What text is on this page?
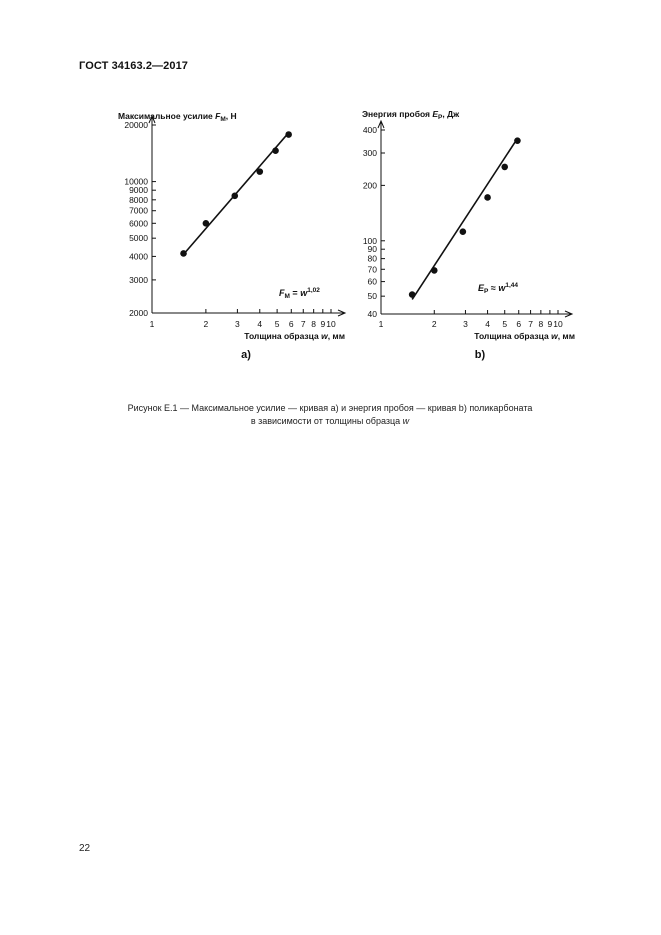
ГОСТ 34163.2—2017
Максимальное усилие $F_M$, Н
2000
3000
4000
5000
6000
7000
8000
9000
10000
20000
1	2	3 4 5 6 7 8 9 10
Толщина образца w, мм
$F_M = w^{1,02}$
а)
Энергия пробоя $E_P$, Дж
40
50
60
70
80
90
100
200
300
400
1	2	3 4 5 6 7 8 9 10
Толщина образца w, мм
$E_P \approx w^{1,44}$
b)
Рисунок Е.1 — Максимальное усилие — кривая а) и энергия пробоя — кривая b) поликарбоната
в зависимости от толщины образца w
22
